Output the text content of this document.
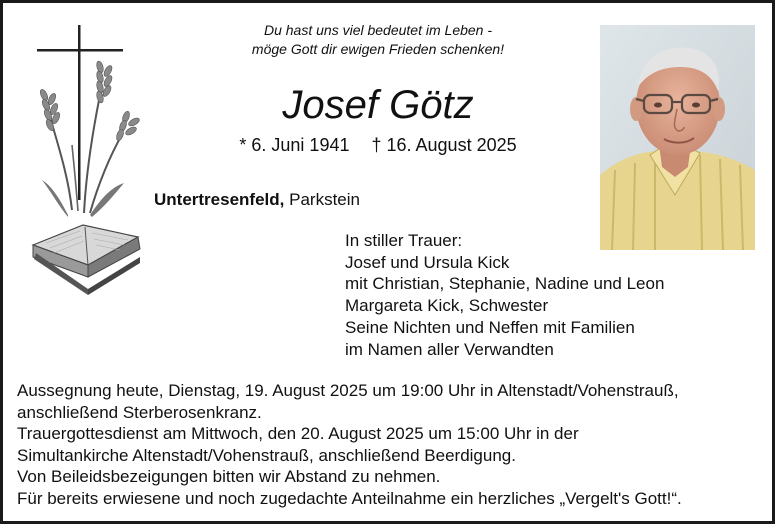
Du hast uns viel bedeutet im Leben -
möge Gott dir ewigen Frieden schenken!
Josef Götz
* 6. Juni 1941 † 16. August 2025
Untertresenfeld, Parkstein
In stiller Trauer:
Josef und Ursula Kick
mit Christian, Stephanie, Nadine und Leon
Margareta Kick, Schwester
Seine Nichten und Neffen mit Familien
im Namen aller Verwandten
Aussegnung heute, Dienstag, 19. August 2025 um 19:00 Uhr in Altenstadt/Vohenstrauß,
anschließend Sterberosenkranz.
Trauergottesdienst am Mittwoch, den 20. August 2025 um 15:00 Uhr in der
Simultankirche Altenstadt/Vohenstrauß, anschließend Beerdigung.
Von Beileidsbezeigungen bitten wir Abstand zu nehmen.
Für bereits erwiesene und noch zugedachte Anteilnahme ein herzliches „Vergelt's Gott!“.
